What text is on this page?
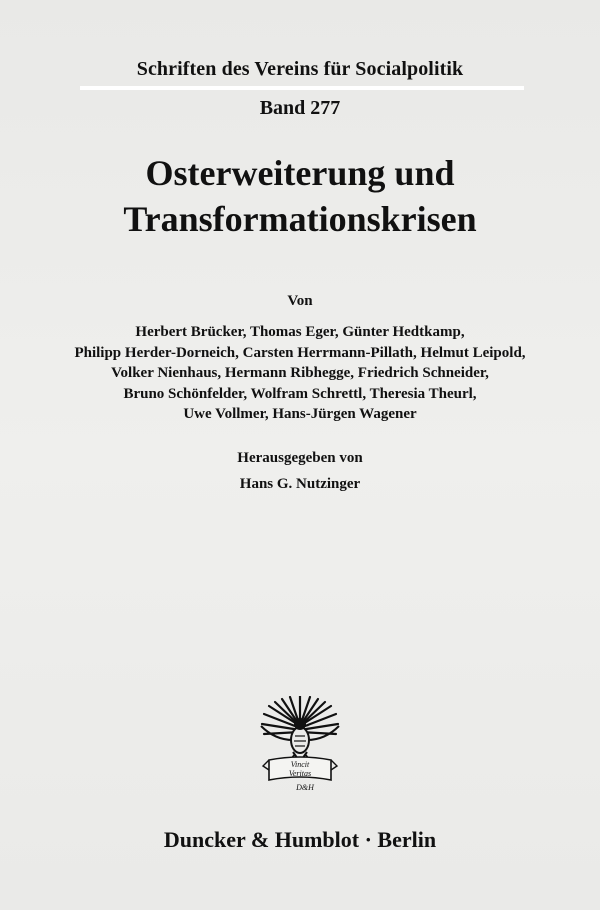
Schriften des Vereins für Socialpolitik
Band 277
Osterweiterung und
Transformationskrisen
Von
Herbert Brücker, Thomas Eger, Günter Hedtkamp,
Philipp Herder-Dorneich, Carsten Herrmann-Pillath, Helmut Leipold,
Volker Nienhaus, Hermann Ribhegge, Friedrich Schneider,
Bruno Schönfelder, Wolfram Schrettl, Theresia Theurl,
Uwe Vollmer, Hans-Jürgen Wagener
Herausgegeben von
Hans G. Nutzinger
Vincit
Veritas
D&H
Duncker & Humblot · Berlin
